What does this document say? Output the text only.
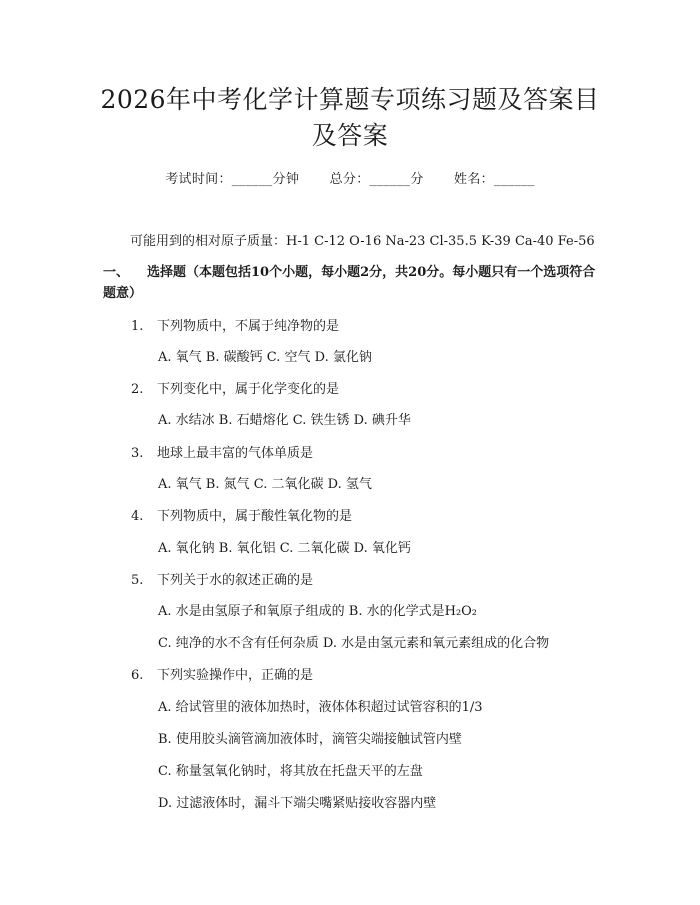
2026年中考化学计算题专项练习题及答案目
及答案
考试时间：______分钟 总分：______分 姓名：______
可能用到的相对原子质量：H-1 C-12 O-16 Na-23 Cl-35.5 K-39 Ca-40 Fe-56
一、 选择题（本题包括10个小题，每小题2分，共20分。每小题只有一个选项符合题意）
1. 下列物质中，不属于纯净物的是
A. 氧气 B. 碳酸钙 C. 空气 D. 氯化钠
2. 下列变化中，属于化学变化的是
A. 水结冰 B. 石蜡熔化 C. 铁生锈 D. 碘升华
3. 地球上最丰富的气体单质是
A. 氧气 B. 氮气 C. 二氧化碳 D. 氢气
4. 下列物质中，属于酸性氧化物的是
A. 氧化钠 B. 氧化铝 C. 二氧化碳 D. 氧化钙
5. 下列关于水的叙述正确的是
A. 水是由氢原子和氧原子组成的 B. 水的化学式是H₂O₂
C. 纯净的水不含有任何杂质 D. 水是由氢元素和氧元素组成的化合物
6. 下列实验操作中，正确的是
A. 给试管里的液体加热时，液体体积超过试管容积的1/3
B. 使用胶头滴管滴加液体时，滴管尖端接触试管内壁
C. 称量氢氧化钠时，将其放在托盘天平的左盘
D. 过滤液体时，漏斗下端尖嘴紧贴接收容器内壁
